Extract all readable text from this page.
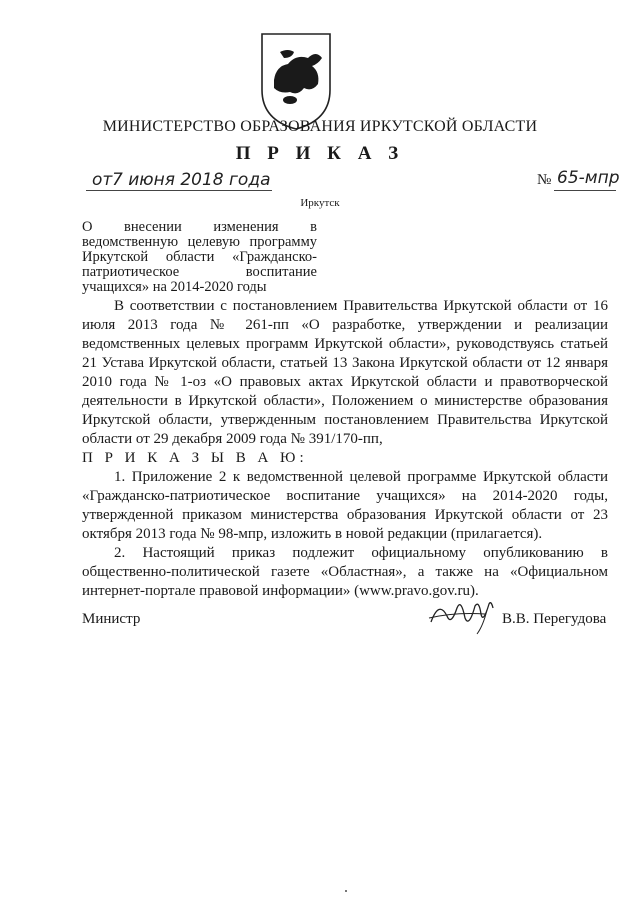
МИНИСТЕРСТВО ОБРАЗОВАНИЯ ИРКУТСКОЙ ОБЛАСТИ
П Р И К А З
от 7 июня 2018 года	№ 65-мпр
Иркутск
О внесении изменения в ведомственную целевую программу Иркутской области «Гражданско-патриотическое воспитание учащихся» на 2014-2020 годы

В соответствии с постановлением Правительства Иркутской области от 16 июля 2013 года № 261-пп «О разработке, утверждении и реализации ведомственных целевых программ Иркутской области», руководствуясь статьей 21 Устава Иркутской области, статьей 13 Закона Иркутской области от 12 января 2010 года № 1-оз «О правовых актах Иркутской области и правотворческой деятельности в Иркутской области», Положением о министерстве образования Иркутской области, утвержденным постановлением Правительства Иркутской области от 29 декабря 2009 года № 391/170-пп,

П Р И К А З Ы В А Ю:

1. Приложение 2 к ведомственной целевой программе Иркутской области «Гражданско-патриотическое воспитание учащихся» на 2014-2020 годы, утвержденной приказом министерства образования Иркутской области от 23 октября 2013 года № 98-мпр, изложить в новой редакции (прилагается).

2. Настоящий приказ подлежит официальному опубликованию в общественно-политической газете «Областная», а также на «Официальном интернет-портале правовой информации» (www.pravo.gov.ru).

Министр	В.В. Перегудова
